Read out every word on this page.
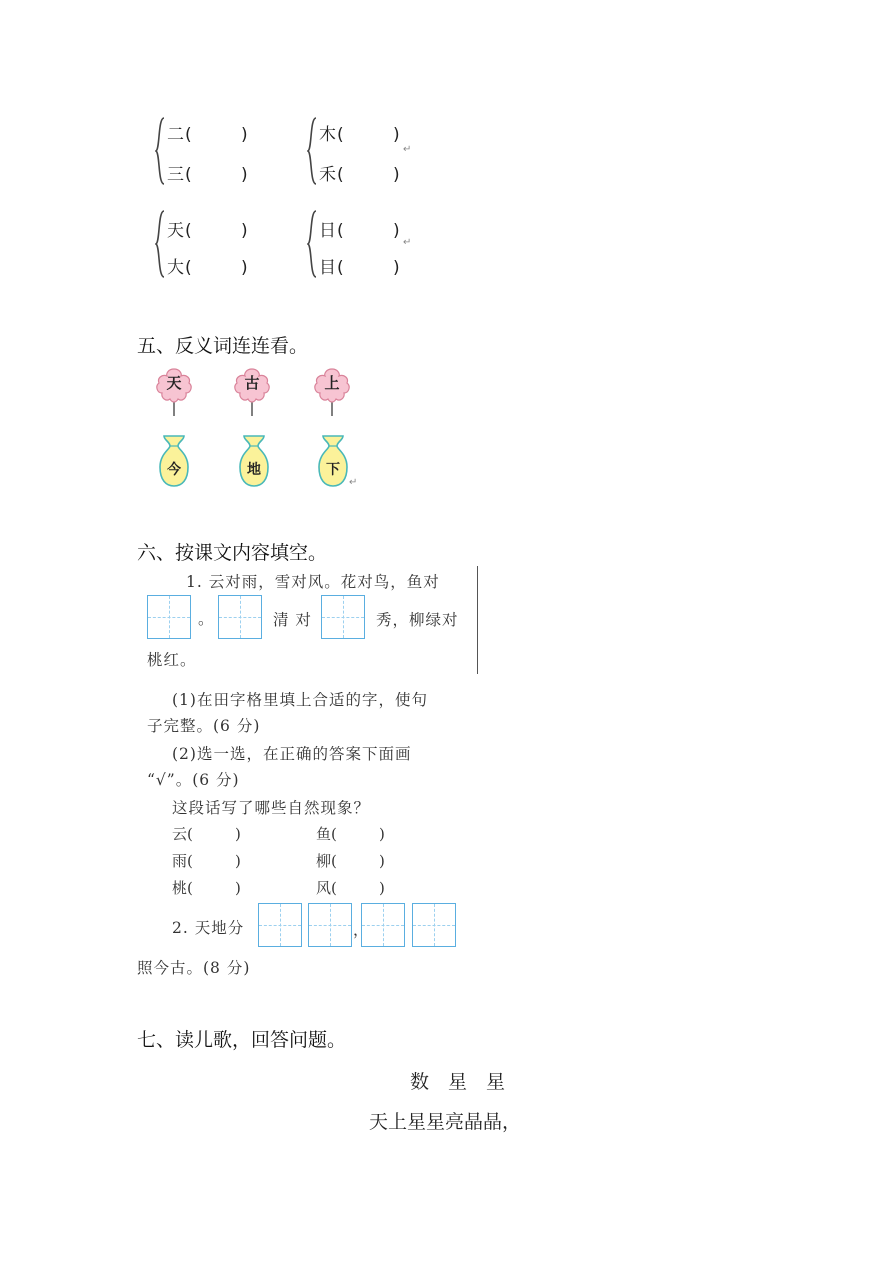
二(	)
三(	)
木(	)
禾(	)
↵
天(	)
大(	)
日(	)
目(	)
↵
五、反义词连连看。
天	古	上
今	地	下
↵
六、按课文内容填空。
1. 云对雨，雪对风。花对鸟，鱼对
。	清 对	秀，柳绿对
桃红。
(1)在田字格里填上合适的字，使句
子完整。(6 分)
(2)选一选，在正确的答案下面画
“√”。(6 分)
这段话写了哪些自然现象？
云(	)	鱼(	)
雨(	)	柳(	)
桃(	)	风(	)
2. 天地分	，
照今古。(8 分)
七、读儿歌，回答问题。
数　星　星
天上星星亮晶晶，
